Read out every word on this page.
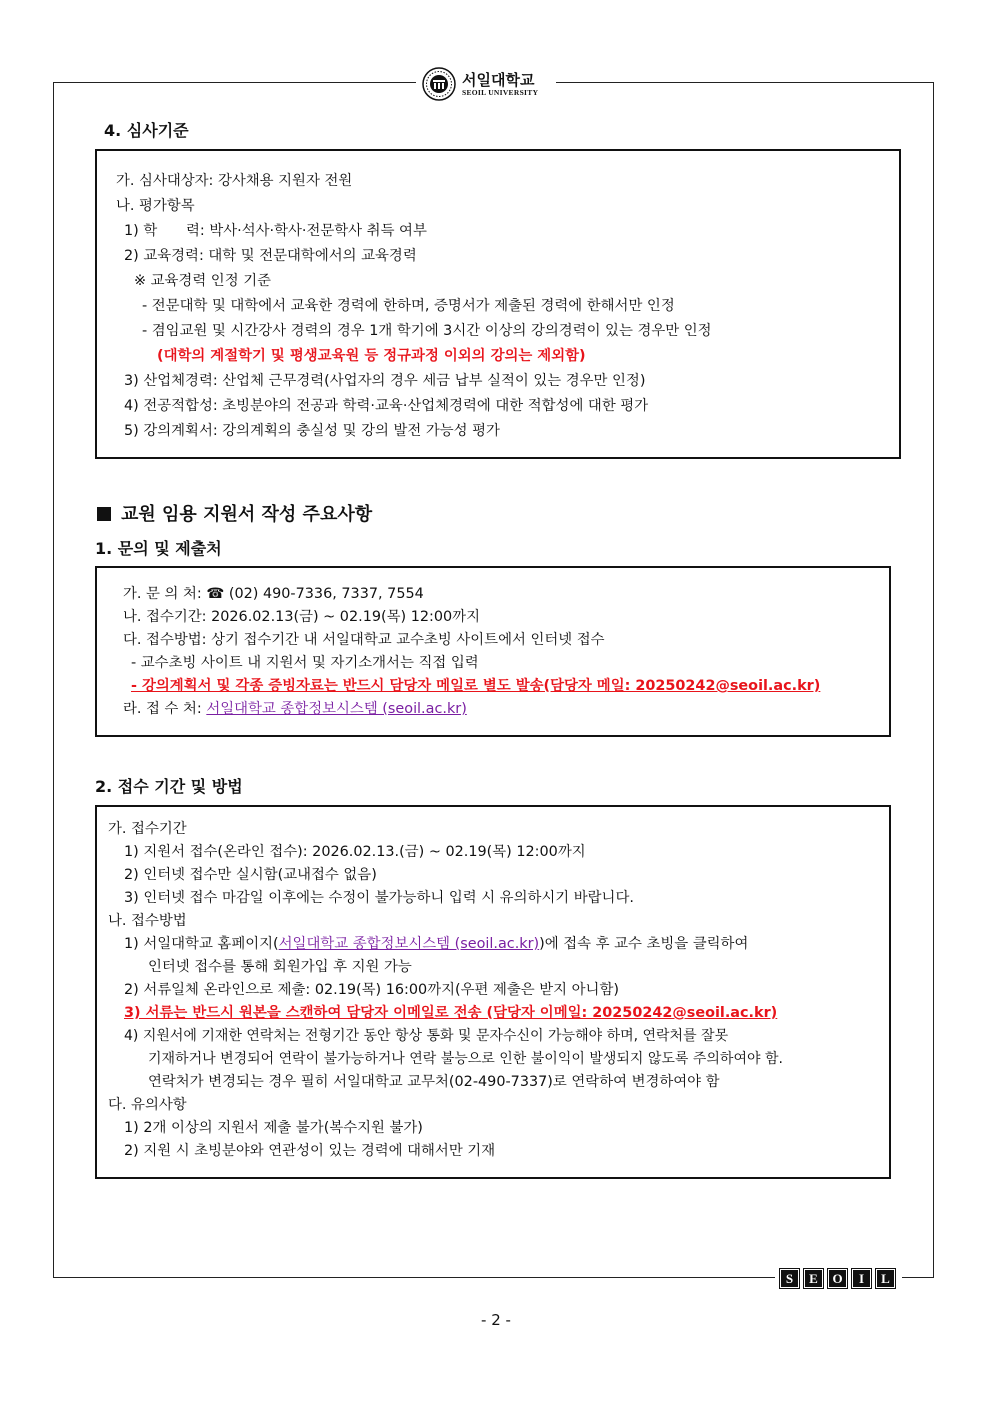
서일대학교
SEOIL UNIVERSITY
4. 심사기준
가. 심사대상자: 강사채용 지원자 전원
나. 평가항목
1) 학　　력: 박사·석사·학사·전문학사 취득 여부
2) 교육경력: 대학 및 전문대학에서의 교육경력
※ 교육경력 인정 기준
- 전문대학 및 대학에서 교육한 경력에 한하며, 증명서가 제출된 경력에 한해서만 인정
- 겸임교원 및 시간강사 경력의 경우 1개 학기에 3시간 이상의 강의경력이 있는 경우만 인정
(대학의 계절학기 및 평생교육원 등 정규과정 이외의 강의는 제외함)
3) 산업체경력: 산업체 근무경력(사업자의 경우 세금 납부 실적이 있는 경우만 인정)
4) 전공적합성: 초빙분야의 전공과 학력·교육·산업체경력에 대한 적합성에 대한 평가
5) 강의계획서: 강의계획의 충실성 및 강의 발전 가능성 평가
교원 임용 지원서 작성 주요사항
1. 문의 및 제출처
가. 문 의 처: ☎ (02) 490-7336, 7337, 7554
나. 접수기간: 2026.02.13(금) ~ 02.19(목) 12:00까지
다. 접수방법: 상기 접수기간 내 서일대학교 교수초빙 사이트에서 인터넷 접수
- 교수초빙 사이트 내 지원서 및 자기소개서는 직접 입력
- 강의계획서 및 각종 증빙자료는 반드시 담당자 메일로 별도 발송(담당자 메일: 20250242@seoil.ac.kr)
라. 접 수 처: 서일대학교 종합정보시스템 (seoil.ac.kr)
2. 접수 기간 및 방법
가. 접수기간
1) 지원서 접수(온라인 접수): 2026.02.13.(금) ~ 02.19(목) 12:00까지
2) 인터넷 접수만 실시함(교내접수 없음)
3) 인터넷 접수 마감일 이후에는 수정이 불가능하니 입력 시 유의하시기 바랍니다.
나. 접수방법
1) 서일대학교 홈페이지(서일대학교 종합정보시스템 (seoil.ac.kr))에 접속 후 교수 초빙을 클릭하여
인터넷 접수를 통해 회원가입 후 지원 가능
2) 서류일체 온라인으로 제출: 02.19(목) 16:00까지(우편 제출은 받지 아니함)
3) 서류는 반드시 원본을 스캔하여 담당자 이메일로 전송 (담당자 이메일: 20250242@seoil.ac.kr)
4) 지원서에 기재한 연락처는 전형기간 동안 항상 통화 및 문자수신이 가능해야 하며, 연락처를 잘못
기재하거나 변경되어 연락이 불가능하거나 연락 불능으로 인한 불이익이 발생되지 않도록 주의하여야 함.
연락처가 변경되는 경우 필히 서일대학교 교무처(02-490-7337)로 연락하여 변경하여야 함
다. 유의사항
1) 2개 이상의 지원서 제출 불가(복수지원 불가)
2) 지원 시 초빙분야와 연관성이 있는 경력에 대해서만 기재
S	E	O	I	L
- 2 -
